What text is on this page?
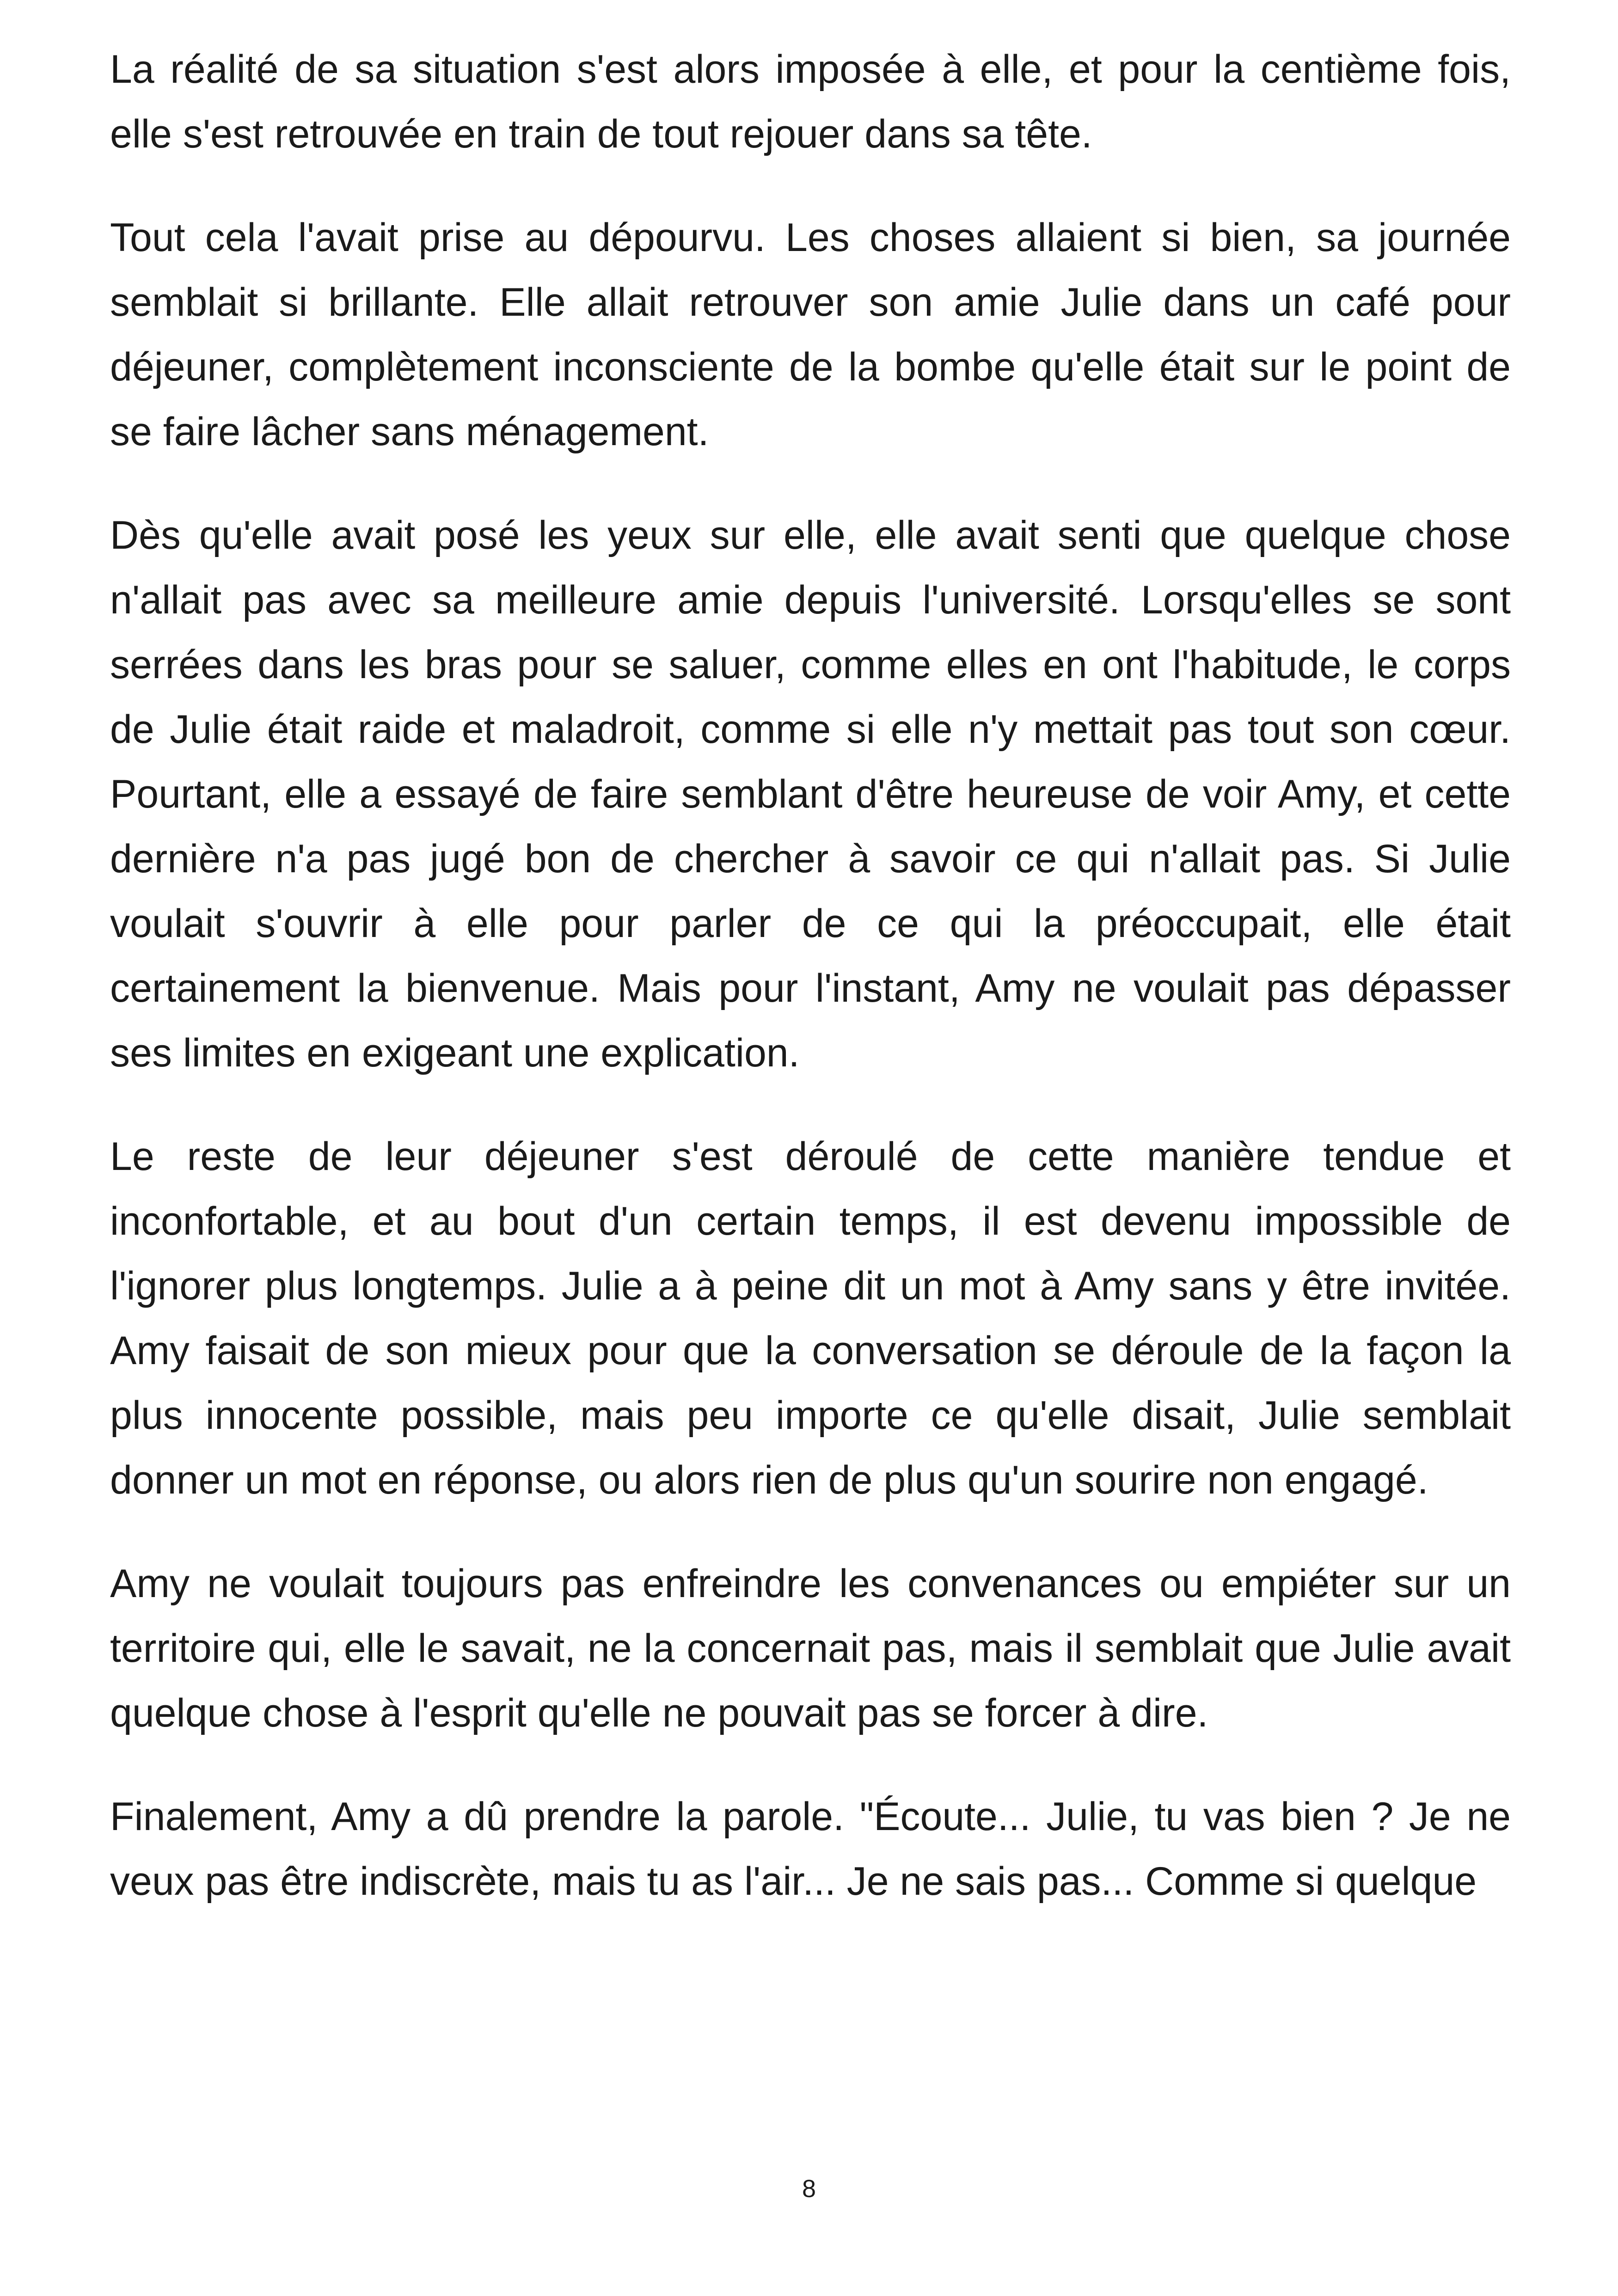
La réalité de sa situation s'est alors imposée à elle, et pour la centième fois, elle s'est retrouvée en train de tout rejouer dans sa tête.

Tout cela l'avait prise au dépourvu. Les choses allaient si bien, sa journée semblait si brillante. Elle allait retrouver son amie Julie dans un café pour déjeuner, complètement inconsciente de la bombe qu'elle était sur le point de se faire lâcher sans ménagement.

Dès qu'elle avait posé les yeux sur elle, elle avait senti que quelque chose n'allait pas avec sa meilleure amie depuis l'université. Lorsqu'elles se sont serrées dans les bras pour se saluer, comme elles en ont l'habitude, le corps de Julie était raide et maladroit, comme si elle n'y mettait pas tout son cœur. Pourtant, elle a essayé de faire semblant d'être heureuse de voir Amy, et cette dernière n'a pas jugé bon de chercher à savoir ce qui n'allait pas. Si Julie voulait s'ouvrir à elle pour parler de ce qui la préoccupait, elle était certainement la bienvenue. Mais pour l'instant, Amy ne voulait pas dépasser ses limites en exigeant une explication.

Le reste de leur déjeuner s'est déroulé de cette manière tendue et inconfortable, et au bout d'un certain temps, il est devenu impossible de l'ignorer plus longtemps. Julie a à peine dit un mot à Amy sans y être invitée. Amy faisait de son mieux pour que la conversation se déroule de la façon la plus innocente possible, mais peu importe ce qu'elle disait, Julie semblait donner un mot en réponse, ou alors rien de plus qu'un sourire non engagé.

Amy ne voulait toujours pas enfreindre les convenances ou empiéter sur un territoire qui, elle le savait, ne la concernait pas, mais il semblait que Julie avait quelque chose à l'esprit qu'elle ne pouvait pas se forcer à dire.

Finalement, Amy a dû prendre la parole. "Écoute... Julie, tu vas bien ? Je ne veux pas être indiscrète, mais tu as l'air... Je ne sais pas... Comme si quelque

8
